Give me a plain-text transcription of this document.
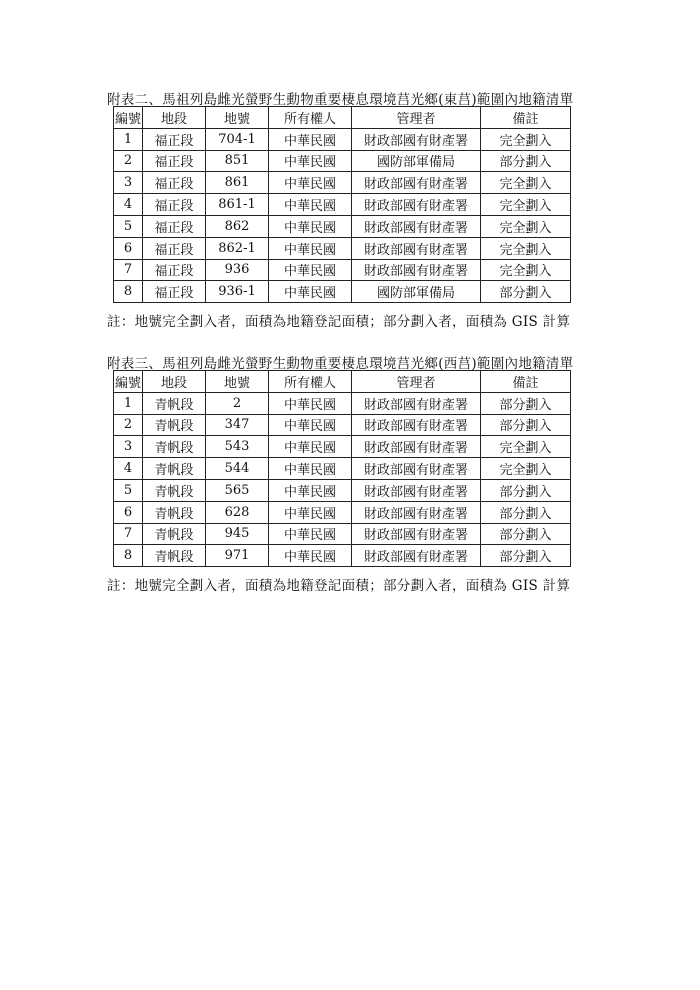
附表二、馬祖列島雌光螢野生動物重要棲息環境莒光鄉(東莒)範圍內地籍清單
編號	地段	地號	所有權人	管理者	備註
1	福正段	704-1	中華民國	財政部國有財產署	完全劃入
2	福正段	851	中華民國	國防部軍備局	部分劃入
3	福正段	861	中華民國	財政部國有財產署	完全劃入
4	福正段	861-1	中華民國	財政部國有財產署	完全劃入
5	福正段	862	中華民國	財政部國有財產署	完全劃入
6	福正段	862-1	中華民國	財政部國有財產署	完全劃入
7	福正段	936	中華民國	財政部國有財產署	完全劃入
8	福正段	936-1	中華民國	國防部軍備局	部分劃入
註：地號完全劃入者，面積為地籍登記面積；部分劃入者，面積為 GIS 計算
附表三、馬祖列島雌光螢野生動物重要棲息環境莒光鄉(西莒)範圍內地籍清單
編號	地段	地號	所有權人	管理者	備註
1	青帆段	2	中華民國	財政部國有財產署	部分劃入
2	青帆段	347	中華民國	財政部國有財產署	部分劃入
3	青帆段	543	中華民國	財政部國有財產署	完全劃入
4	青帆段	544	中華民國	財政部國有財產署	完全劃入
5	青帆段	565	中華民國	財政部國有財產署	部分劃入
6	青帆段	628	中華民國	財政部國有財產署	部分劃入
7	青帆段	945	中華民國	財政部國有財產署	部分劃入
8	青帆段	971	中華民國	財政部國有財產署	部分劃入
註：地號完全劃入者，面積為地籍登記面積；部分劃入者，面積為 GIS 計算
